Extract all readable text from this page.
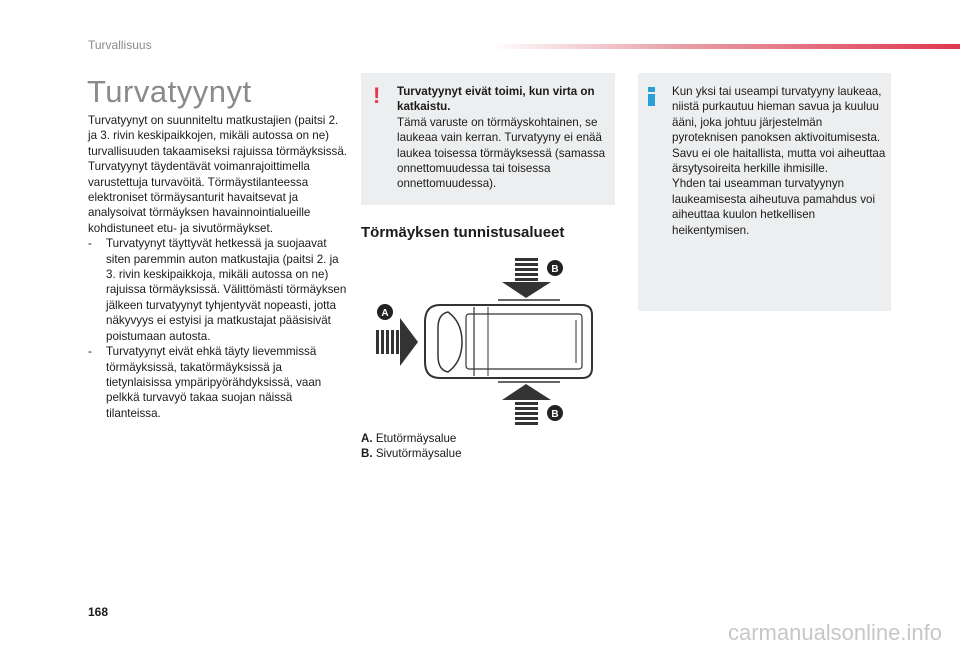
Turvallisuus
Turvatyynyt

Turvatyynyt on suunniteltu matkustajien (paitsi 2. ja 3. rivin keskipaikkojen, mikäli autossa on ne) turvallisuuden takaamiseksi rajuissa törmäyksissä. Turvatyynyt täydentävät voimanrajoittimella varustettuja turvavöitä. Törmäystilanteessa elektroniset törmäysanturit havaitsevat ja analysoivat törmäyksen havainnointialueille kohdistuneet etu- ja sivutörmäykset.

- Turvatyynyt täyttyvät hetkessä ja suojaavat siten paremmin auton matkustajia (paitsi 2. ja 3. rivin keskipaikkoja, mikäli autossa on ne) rajuissa törmäyksissä. Välittömästi törmäyksen jälkeen turvatyynyt tyhjentyvät nopeasti, jotta näkyvyys ei estyisi ja matkustajat pääsisivät poistumaan autosta.
- Turvatyynyt eivät ehkä täyty lievemmissä törmäyksissä, takatörmäyksissä ja tietynlaisissa ympäripyörähdyksissä, vaan pelkkä turvavyö takaa suojan näissä tilanteissa.
! Turvatyynyt eivät toimi, kun virta on katkaistu.

Tämä varuste on törmäyskohtainen, se laukeaa vain kerran. Turvatyyny ei enää laukea toisessa törmäyksessä (samassa onnettomuudessa tai toisessa onnettomuudessa).

Kun yksi tai useampi turvatyyny laukeaa, niistä purkautuu hieman savua ja kuuluu ääni, joka johtuu järjestelmän pyroteknisen panoksen aktivoitumisesta.

Savu ei ole haitallista, mutta voi aiheuttaa ärsytysoireita herkille ihmisille.

Yhden tai useamman turvatyynyn laukeamisesta aiheutuva pamahdus voi aiheuttaa kuulon hetkellisen heikentymisen.

Törmäyksen tunnistusalueet
B
A
B
A. Etutörmäysalue
B. Sivutörmäysalue
168
carmanualsonline.info
